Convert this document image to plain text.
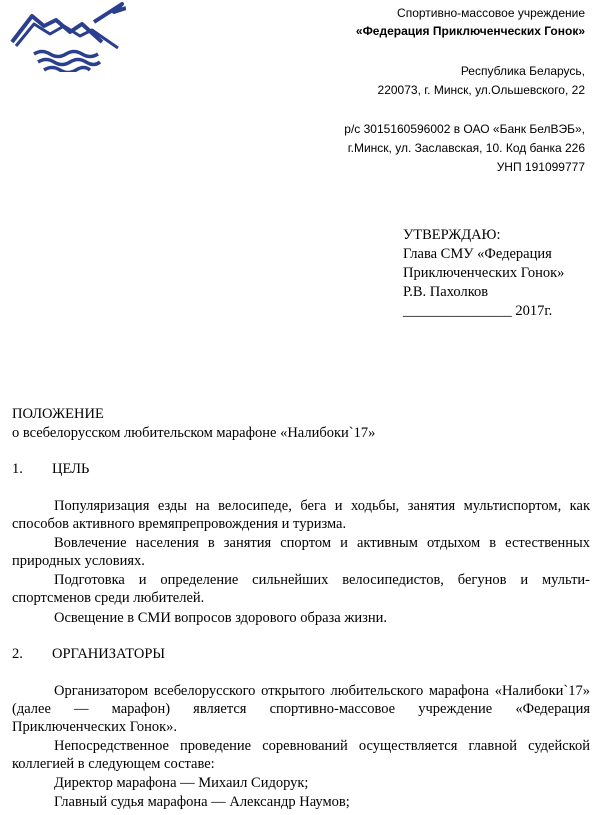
Спортивно-массовое учреждение
«Федерация Приключенческих Гонок»
Республика Беларусь,
220073, г. Минск, ул.Ольшевского, 22
р/с 3015160596002 в ОАО «Банк БелВЭБ»,
г.Минск, ул. Заславская, 10. Код банка 226
УНП 191099777
УТВЕРЖДАЮ:
Глава СМУ «Федерация
Приключенческих Гонок»
Р.В. Пахолков
_______________ 2017г.
ПОЛОЖЕНИЕ
о всебелорусском любительском марафоне «Налибоки`17»
1. ЦЕЛЬ
Популяризация езды на велосипеде, бега и ходьбы, занятия мультиспортом, как способов активного времяпрепровождения и туризма.
Вовлечение населения в занятия спортом и активным отдыхом в естественных природных условиях.
Подготовка и определение сильнейших велосипедистов, бегунов и мульти-спортсменов среди любителей.
Освещение в СМИ вопросов здорового образа жизни.
2. ОРГАНИЗАТОРЫ
Организатором всебелорусского открытого любительского марафона «Налибоки`17» (далее — марафон) является спортивно-массовое учреждение «Федерация Приключенческих Гонок».
Непосредственное проведение соревнований осуществляется главной судейской коллегией в следующем составе:
Директор марафона — Михаил Сидорук;
Главный судья марафона — Александр Наумов;
